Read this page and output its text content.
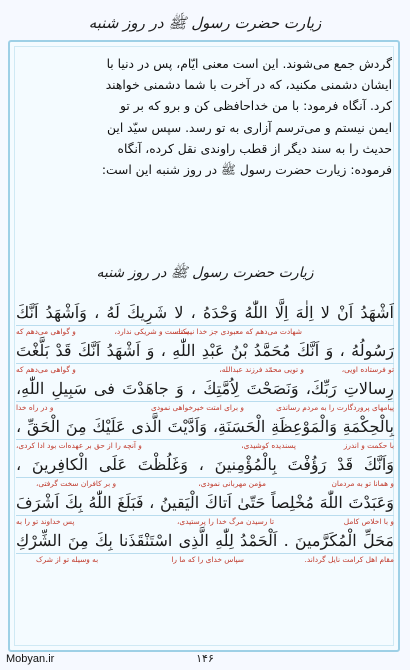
زیارت حضرت رسول ﷺ در روز شنبه

گردش جمع می‌شوند. این است معنی ایّام، پس در دنیا با

ایشان دشمنی مکنید، که در آخرت با شما دشمنی خواهند

کرد. آنگاه فرمود: با من خداحافظی کن و برو که بر تو

ایمن نیستم و می‌ترسم آزاری به تو رسد. سپس سیّد این

حدیث را به سند دیگر از قطب راوندی نقل کرده، آنگاه

فرموده: زیارت حضرت رسول ﷺ در روز شنبه این است:

زیارت حضرت رسول ﷺ در روز شنبه
اَشْهَدُ اَنْ لا اِلٰهَ اِلَّا اللّٰهُ وَحْدَهُ ، لا شَرِيكَ لَهُ ، وَاَشْهَدُ اَنَّكَ
شهادت می‌دهم که معبودی جز خدا نیست،
یکتاست و شریکی ندارد،
و گواهی می‌دهم که
رَسُولُهُ ، وَ اَنَّكَ مُحَمَّدُ بْنُ عَبْدِ اللّٰهِ ، وَ اَشْهَدُ اَنَّكَ قَدْ بَلَّغْتَ
تو فرستاده اویی،
و تویی محمّد فرزند عبدالله،
و گواهی می‌دهم که
رِسالاتِ رَبِّكَ، وَنَصَحْتَ لِاُمَّتِكَ ، وَ جاهَدْتَ فى سَبِيلِ اللّٰهِ،
پیامهای پروردگارت را به مردم رساندی
و برای امتت خیرخواهی نمودی
و در راه خدا
بِالْحِكْمَةِ وَالْمَوْعِظَةِ الْحَسَنَةِ، وَاَدَّيْتَ الَّذى عَلَيْكَ مِنَ الْحَقِّ ،
با حکمت و اندرز
پسندیده کوشیدی،
و آنچه را از حق بر عهده‌ات بود ادا کردی،
وَاَنَّكَ قَدْ رَؤُفْتَ بِالْمُؤْمِنينَ ، وَغَلُظْتَ عَلَى الْكافِرينَ ،
و همانا تو به مردمان
مؤمن مهربانی نمودی،
و بر کافران سخت گرفتی،
وَعَبَدْتَ اللّٰهَ مُخْلِصاً حَتّىٰ اَتاكَ الْيَقينُ ، فَبَلَغَ اللّٰهُ بِكَ اَشْرَفَ
و با اخلاص کامل
تا رسیدن مرگ خدا را پرستیدی،
پس خداوند تو را به
مَحَلِّ الْمُكَرَّمينَ . اَلْحَمْدُ لِلّٰهِ الَّذِى اسْتَنْقَذَنا بِكَ مِنَ الشِّرْكِ
مقام اهل کرامت نایل گرداند.
سپاس خدای را که ما را
به وسیله تو از شرک
۱۴۶
Mobyan.ir
